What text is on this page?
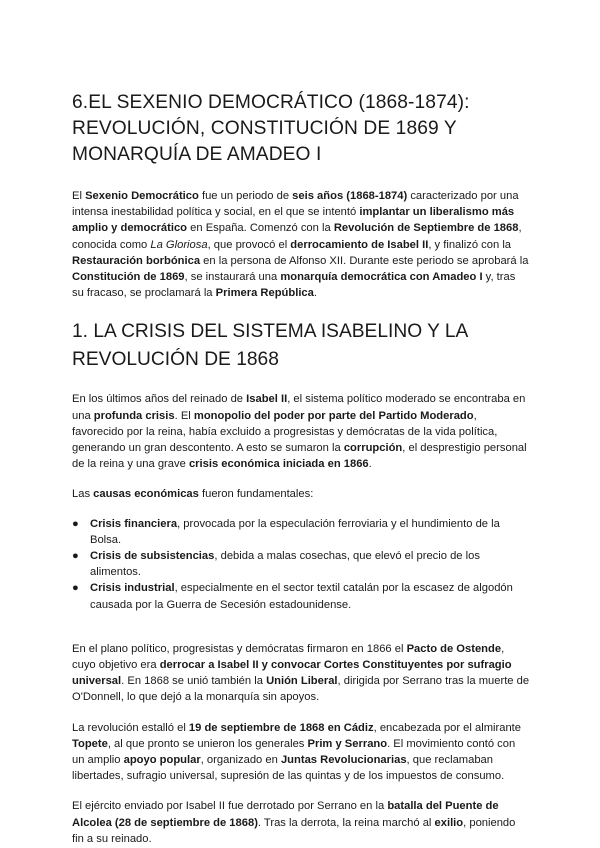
6.EL SEXENIO DEMOCRÁTICO (1868-1874): REVOLUCIÓN, CONSTITUCIÓN DE 1869 Y MONARQUÍA DE AMADEO I

El Sexenio Democrático fue un periodo de seis años (1868-1874) caracterizado por una intensa inestabilidad política y social, en el que se intentó implantar un liberalismo más amplio y democrático en España. Comenzó con la Revolución de Septiembre de 1868, conocida como La Gloriosa, que provocó el derrocamiento de Isabel II, y finalizó con la Restauración borbónica en la persona de Alfonso XII. Durante este periodo se aprobará la Constitución de 1869, se instaurará una monarquía democrática con Amadeo I y, tras su fracaso, se proclamará la Primera República.

1. LA CRISIS DEL SISTEMA ISABELINO Y LA REVOLUCIÓN DE 1868

En los últimos años del reinado de Isabel II, el sistema político moderado se encontraba en una profunda crisis. El monopolio del poder por parte del Partido Moderado, favorecido por la reina, había excluido a progresistas y demócratas de la vida política, generando un gran descontento. A esto se sumaron la corrupción, el desprestigio personal de la reina y una grave crisis económica iniciada en 1866.

Las causas económicas fueron fundamentales:

● Crisis financiera, provocada por la especulación ferroviaria y el hundimiento de la Bolsa.
● Crisis de subsistencias, debida a malas cosechas, que elevó el precio de los alimentos.
● Crisis industrial, especialmente en el sector textil catalán por la escasez de algodón causada por la Guerra de Secesión estadounidense.

En el plano político, progresistas y demócratas firmaron en 1866 el Pacto de Ostende, cuyo objetivo era derrocar a Isabel II y convocar Cortes Constituyentes por sufragio universal. En 1868 se unió también la Unión Liberal, dirigida por Serrano tras la muerte de O'Donnell, lo que dejó a la monarquía sin apoyos.

La revolución estalló el 19 de septiembre de 1868 en Cádiz, encabezada por el almirante Topete, al que pronto se unieron los generales Prim y Serrano. El movimiento contó con un amplio apoyo popular, organizado en Juntas Revolucionarias, que reclamaban libertades, sufragio universal, supresión de las quintas y de los impuestos de consumo.

El ejército enviado por Isabel II fue derrotado por Serrano en la batalla del Puente de Alcolea (28 de septiembre de 1868). Tras la derrota, la reina marchó al exilio, poniendo fin a su reinado.
